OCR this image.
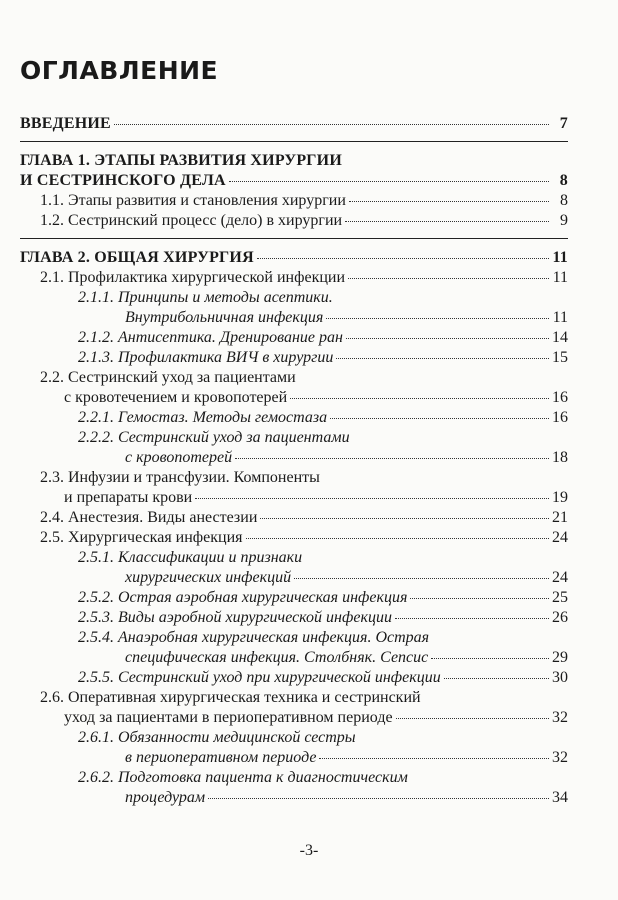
ОГЛАВЛЕНИЕ
ВВЕДЕНИЕ	7
ГЛАВА 1. ЭТАПЫ РАЗВИТИЯ ХИРУРГИИ
И СЕСТРИНСКОГО ДЕЛА	8
1.1. Этапы развития и становления хирургии	8
1.2. Сестринский процесс (дело) в хирургии	9
ГЛАВА 2. ОБЩАЯ ХИРУРГИЯ	11
2.1. Профилактика хирургической инфекции	11
2.1.1. Принципы и методы асептики.
Внутрибольничная инфекция	11
2.1.2. Антисептика. Дренирование ран	14
2.1.3. Профилактика ВИЧ в хирургии	15
2.2. Сестринский уход за пациентами
с кровотечением и кровопотерей	16
2.2.1. Гемостаз. Методы гемостаза	16
2.2.2. Сестринский уход за пациентами
с кровопотерей	18
2.3. Инфузии и трансфузии. Компоненты
и препараты крови	19
2.4. Анестезия. Виды анестезии	21
2.5. Хирургическая инфекция	24
2.5.1. Классификации и признаки
хирургических инфекций	24
2.5.2. Острая аэробная хирургическая инфекция	25
2.5.3. Виды аэробной хирургической инфекции	26
2.5.4. Анаэробная хирургическая инфекция. Острая
специфическая инфекция. Столбняк. Сепсис	29
2.5.5. Сестринский уход при хирургической инфекции	30
2.6. Оперативная хирургическая техника и сестринский
уход за пациентами в периоперативном периоде	32
2.6.1. Обязанности медицинской сестры
в периоперативном периоде	32
2.6.2. Подготовка пациента к диагностическим
процедурам	34
-3-
